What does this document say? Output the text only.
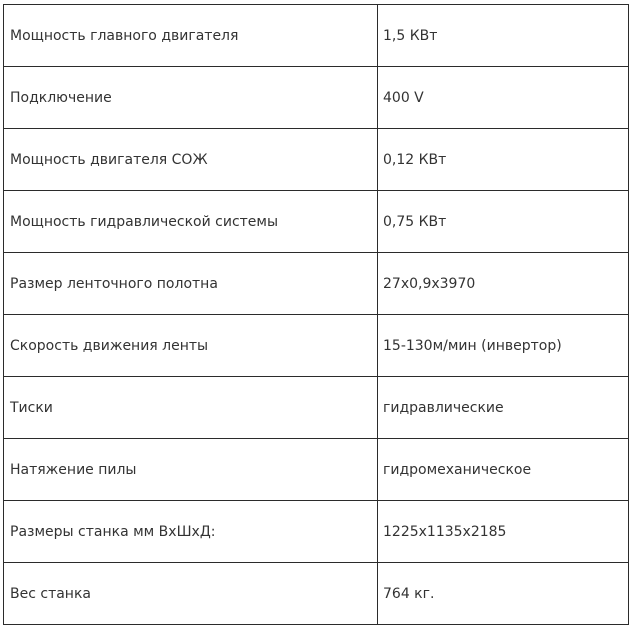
Мощность главного двигателя	1,5 КВт
Подключение	400 V
Мощность двигателя СОЖ	0,12 КВт
Мощность гидравлической системы	0,75 КВт
Размер ленточного полотна	27х0,9х3970
Скорость движения ленты	15-130м/мин (инвертор)
Тиски	гидравлические
Натяжение пилы	гидромеханическое
Размеры станка мм ВхШхД:	1225x1135x2185
Вес станка	764 кг.
